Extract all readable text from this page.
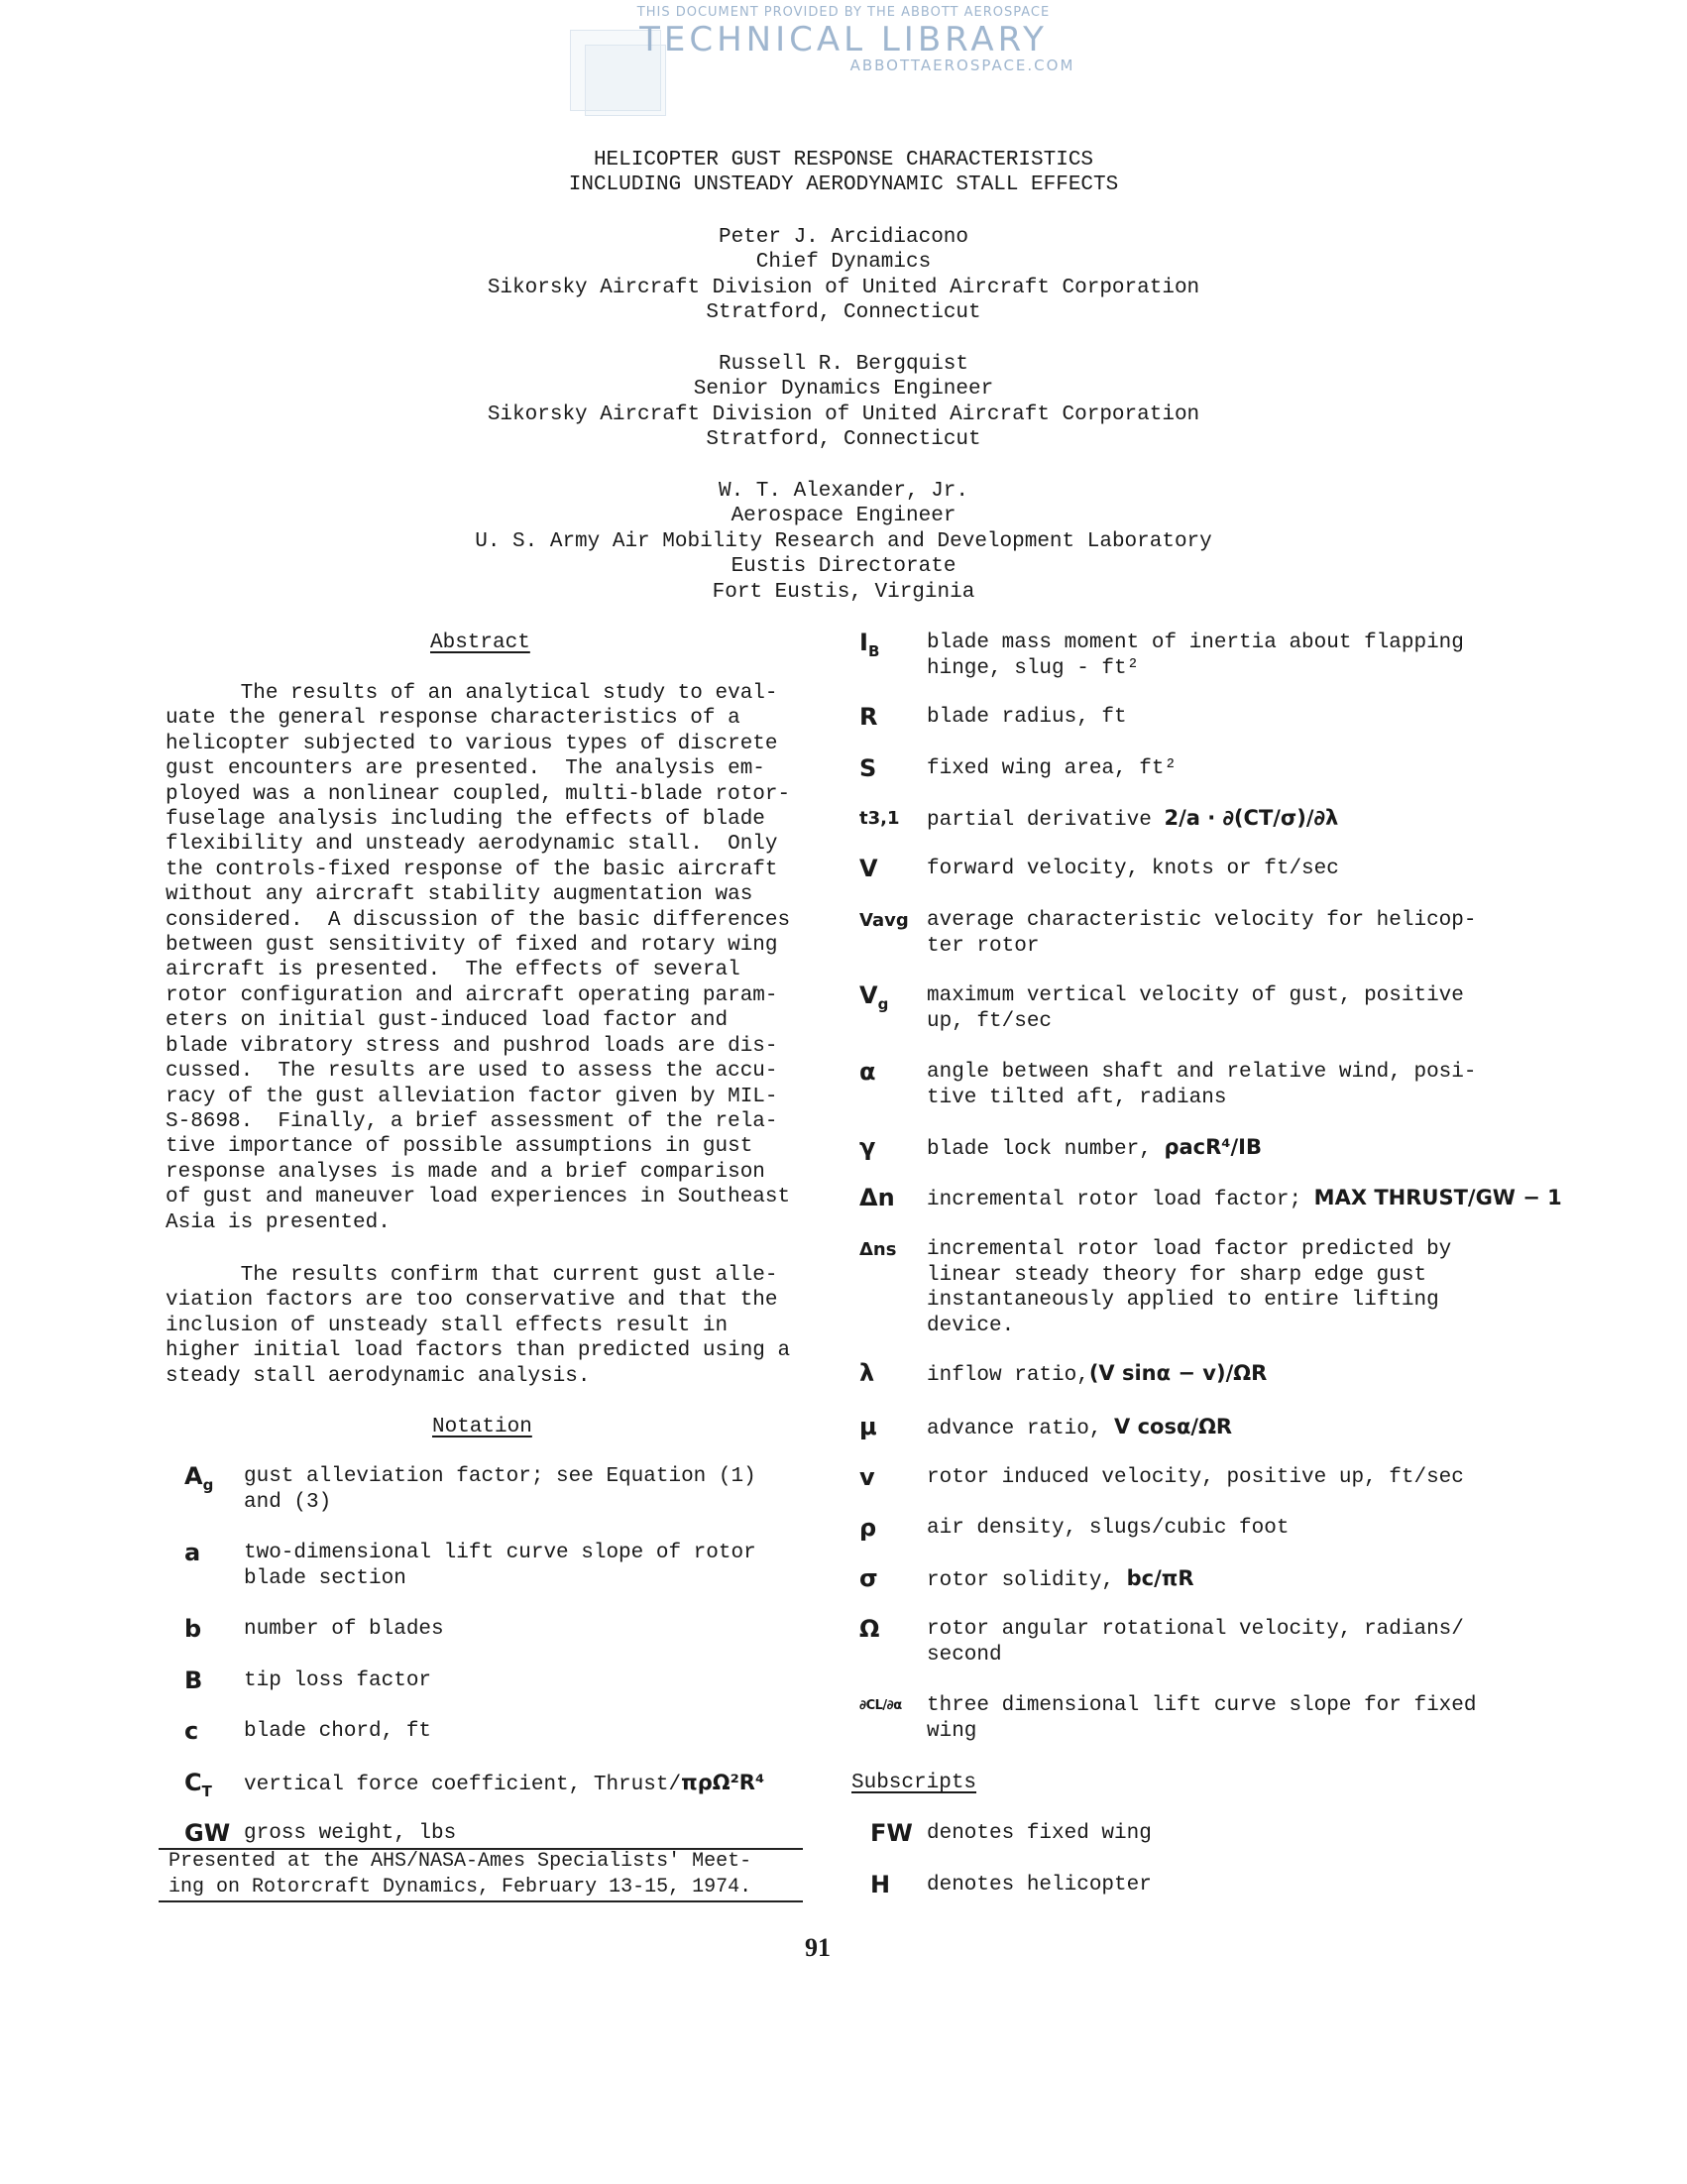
THIS DOCUMENT PROVIDED BY THE ABBOTT AEROSPACE
TECHNICAL LIBRARY
ABBOTTAEROSPACE.COM
HELICOPTER GUST RESPONSE CHARACTERISTICS
INCLUDING UNSTEADY AERODYNAMIC STALL EFFECTS
Peter J. Arcidiacono
Chief Dynamics
Sikorsky Aircraft Division of United Aircraft Corporation
Stratford, Connecticut
Russell R. Bergquist
Senior Dynamics Engineer
Sikorsky Aircraft Division of United Aircraft Corporation
Stratford, Connecticut
W. T. Alexander, Jr.
Aerospace Engineer
U. S. Army Air Mobility Research and Development Laboratory
Eustis Directorate
Fort Eustis, Virginia
Abstract
The results of an analytical study to eval-
uate the general response characteristics of a
helicopter subjected to various types of discrete
gust encounters are presented.  The analysis em-
ployed was a nonlinear coupled, multi-blade rotor-
fuselage analysis including the effects of blade
flexibility and unsteady aerodynamic stall.  Only
the controls-fixed response of the basic aircraft
without any aircraft stability augmentation was
considered.  A discussion of the basic differences
between gust sensitivity of fixed and rotary wing
aircraft is presented.  The effects of several
rotor configuration and aircraft operating param-
eters on initial gust-induced load factor and
blade vibratory stress and pushrod loads are dis-
cussed.  The results are used to assess the accu-
racy of the gust alleviation factor given by MIL-
S-8698.  Finally, a brief assessment of the rela-
tive importance of possible assumptions in gust
response analyses is made and a brief comparison
of gust and maneuver load experiences in Southeast
Asia is presented.
The results confirm that current gust alle-
viation factors are too conservative and that the
inclusion of unsteady stall effects result in
higher initial load factors than predicted using a
steady stall aerodynamic analysis.
Notation
$A_g$ gust alleviation factor; see Equation (1)
and (3)
a two-dimensional lift curve slope of rotor
blade section
b number of blades
B tip loss factor
c blade chord, ft
$C_T$ vertical force coefficient, Thrust/πρΩ²R⁴
GW gross weight, lbs
$I_B$ blade mass moment of inertia about flapping
hinge, slug - ft²
R blade radius, ft
S fixed wing area, ft²
t3,1 partial derivative 2/a · ∂(CT/σ)/∂λ
V forward velocity, knots or ft/sec
Vavg average characteristic velocity for helicop-
ter rotor
$V_g$ maximum vertical velocity of gust, positive
up, ft/sec
α angle between shaft and relative wind, posi-
tive tilted aft, radians
γ blade lock number, ρacR⁴/IB
Δn incremental rotor load factor; MAX THRUST/GW − 1
Δns incremental rotor load factor predicted by
linear steady theory for sharp edge gust
instantaneously applied to entire lifting
device.
λ	inflow ratio,(V sinα − v)/ΩR
μ advance ratio, V cosα/ΩR
v rotor induced velocity, positive up, ft/sec
ρ air density, slugs/cubic foot
σ rotor solidity, bc/πR
Ω rotor angular rotational velocity, radians/
second
∂CL/∂α three dimensional lift curve slope for fixed
wing
Presented at the AHS/NASA-Ames Specialists' Meet-
ing on Rotorcraft Dynamics, February 13-15, 1974.
Subscripts
FW denotes fixed wing
H denotes helicopter
91
